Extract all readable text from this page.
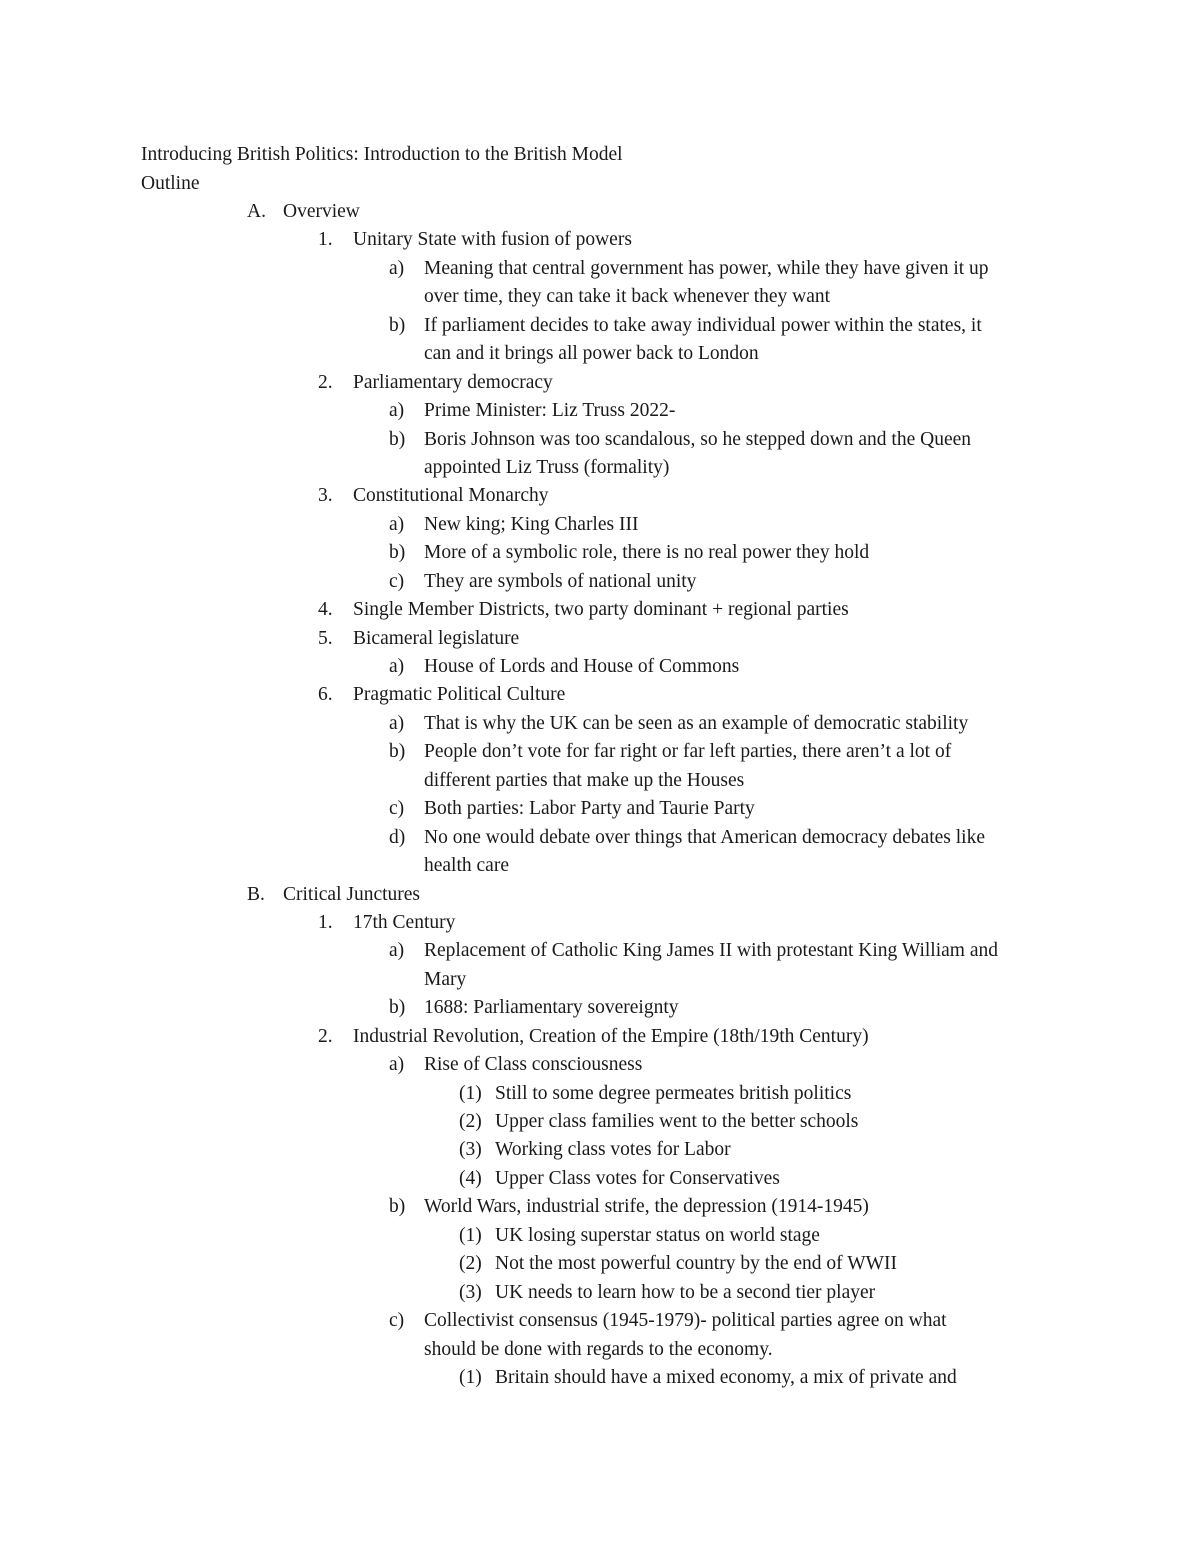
Introducing British Politics: Introduction to the British Model
Outline
A. Overview
1. Unitary State with fusion of powers
a) Meaning that central government has power, while they have given it up
over time, they can take it back whenever they want
b) If parliament decides to take away individual power within the states, it
can and it brings all power back to London
2. Parliamentary democracy
a) Prime Minister: Liz Truss 2022-
b) Boris Johnson was too scandalous, so he stepped down and the Queen
appointed Liz Truss (formality)
3. Constitutional Monarchy
a) New king; King Charles III
b) More of a symbolic role, there is no real power they hold
c) They are symbols of national unity
4. Single Member Districts, two party dominant + regional parties
5. Bicameral legislature
a) House of Lords and House of Commons
6. Pragmatic Political Culture
a) That is why the UK can be seen as an example of democratic stability
b) People don’t vote for far right or far left parties, there aren’t a lot of
different parties that make up the Houses
c) Both parties: Labor Party and Taurie Party
d) No one would debate over things that American democracy debates like
health care
B. Critical Junctures
1. 17th Century
a) Replacement of Catholic King James II with protestant King William and
Mary
b) 1688: Parliamentary sovereignty
2. Industrial Revolution, Creation of the Empire (18th/19th Century)
a) Rise of Class consciousness
(1) Still to some degree permeates british politics
(2) Upper class families went to the better schools
(3) Working class votes for Labor
(4) Upper Class votes for Conservatives
b) World Wars, industrial strife, the depression (1914-1945)
(1) UK losing superstar status on world stage
(2) Not the most powerful country by the end of WWII
(3) UK needs to learn how to be a second tier player
c) Collectivist consensus (1945-1979)- political parties agree on what
should be done with regards to the economy.
(1) Britain should have a mixed economy, a mix of private and
